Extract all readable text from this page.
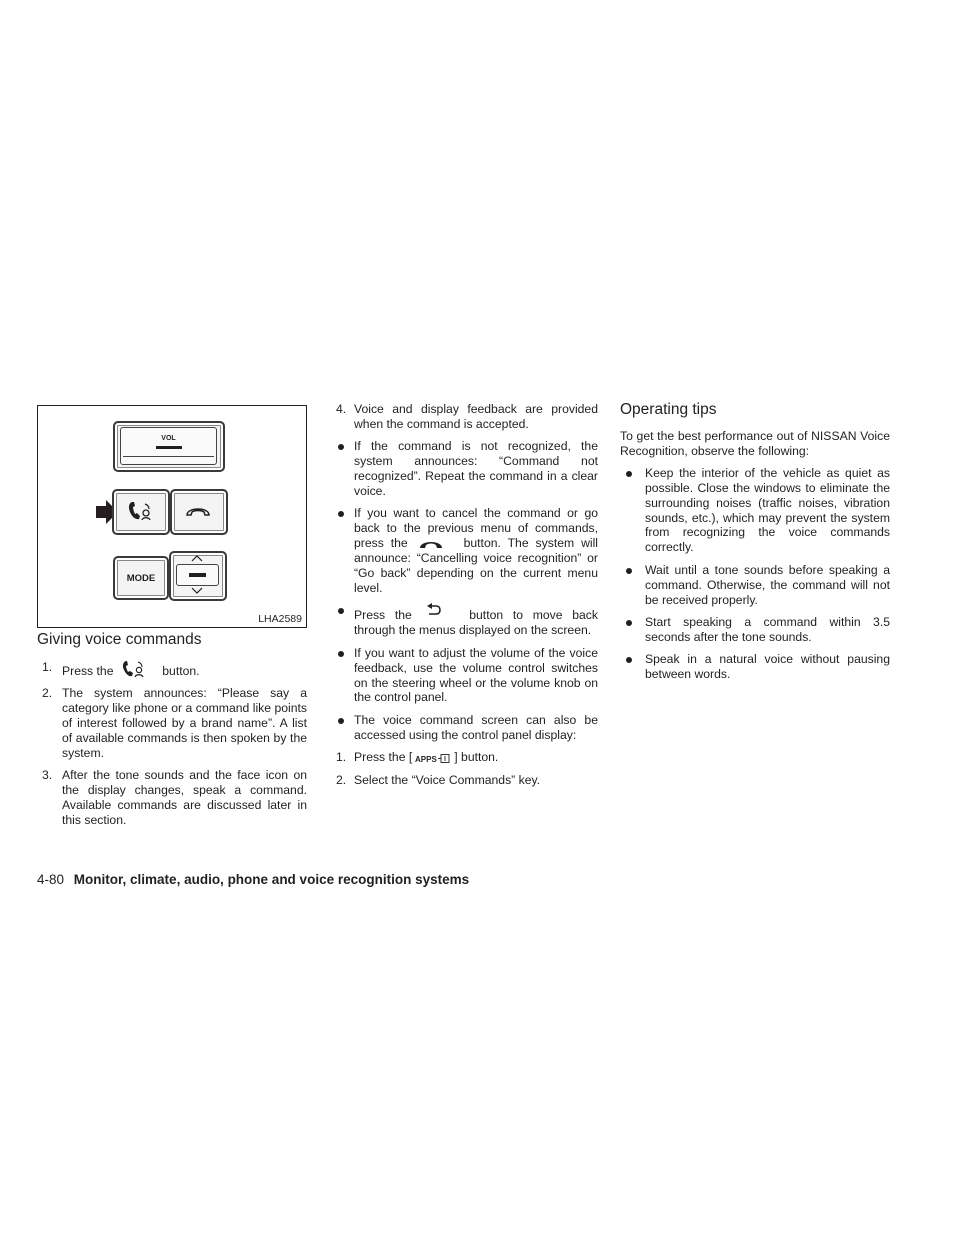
VOL
MODE
LHA2589
Giving voice commands
1. Press the	button.
2. The system announces: “Please say a category like phone or a command like points of interest followed by a brand name”. A list of available commands is then spoken by the system.
3. After the tone sounds and the face icon on the display changes, speak a command. Available commands are discussed later in this section.
4. Voice and display feedback are provided when the command is accepted.
If the command is not recognized, the system announces: “Command not recognized”. Repeat the command in a clear voice.
If you want to cancel the command or go back to the previous menu of commands, press the	button. The system will announce: “Cancelling voice recognition” or “Go back” depending on the current menu level.
Press the	button to move back through the menus displayed on the screen.
If you want to adjust the volume of the voice feedback, use the volume control switches on the steering wheel or the volume knob on the control panel.
The voice command screen can also be accessed using the control panel display:
1. Press the [ APPS ] button.
2. Select the “Voice Commands” key.
Operating tips

To get the best performance out of NISSAN Voice Recognition, observe the following:

Keep the interior of the vehicle as quiet as possible. Close the windows to eliminate the surrounding noises (traffic noises, vibration sounds, etc.), which may prevent the system from recognizing the voice commands correctly.
Wait until a tone sounds before speaking a command. Otherwise, the command will not be received properly.
Start speaking a command within 3.5 seconds after the tone sounds.
Speak in a natural voice without pausing between words.
4-80 Monitor, climate, audio, phone and voice recognition systems
